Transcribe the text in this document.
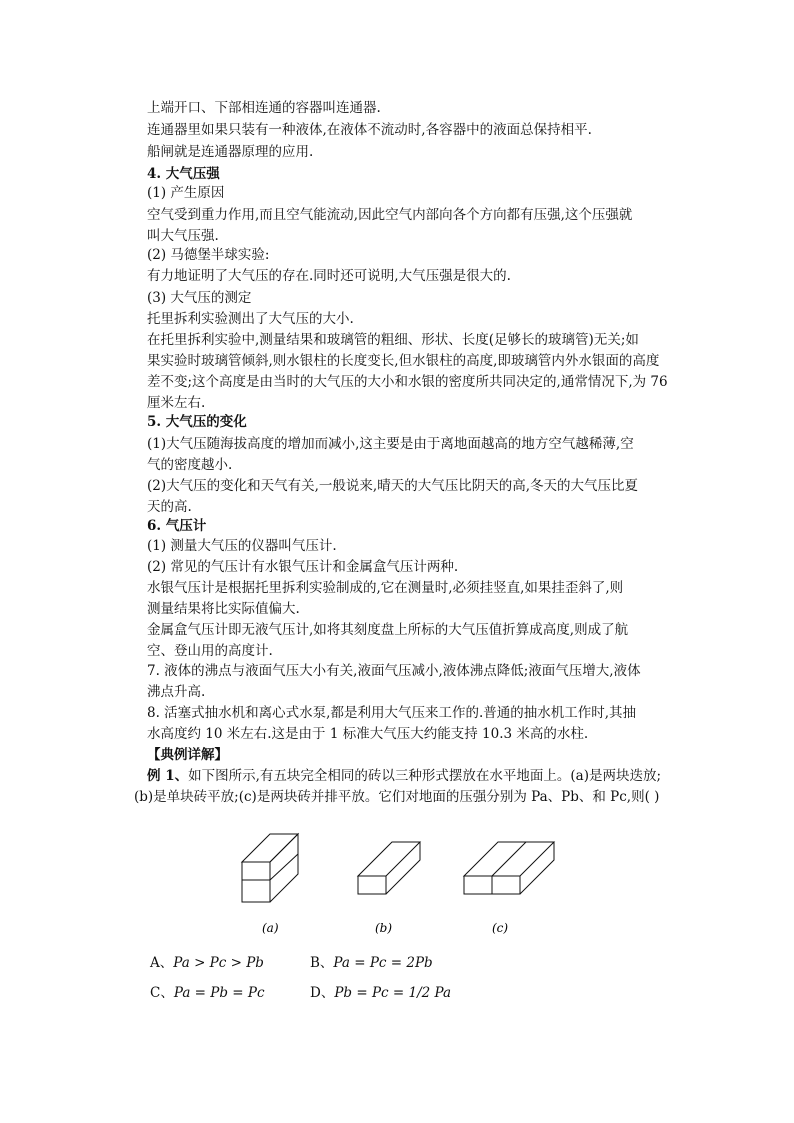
上端开口、下部相连通的容器叫连通器.
连通器里如果只装有一种液体,在液体不流动时,各容器中的液面总保持相平.
船闸就是连通器原理的应用.
4. 大气压强
(1) 产生原因
空气受到重力作用,而且空气能流动,因此空气内部向各个方向都有压强,这个压强就
叫大气压强.
(2) 马德堡半球实验:
有力地证明了大气压的存在.同时还可说明,大气压强是很大的.
(3) 大气压的测定
托里拆利实验测出了大气压的大小.
在托里拆利实验中,测量结果和玻璃管的粗细、形状、长度(足够长的玻璃管)无关;如
果实验时玻璃管倾斜,则水银柱的长度变长,但水银柱的高度,即玻璃管内外水银面的高度
差不变;这个高度是由当时的大气压的大小和水银的密度所共同决定的,通常情况下,为 76
厘米左右.
5. 大气压的变化
(1)大气压随海拔高度的增加而减小,这主要是由于离地面越高的地方空气越稀薄,空
气的密度越小.
(2)大气压的变化和天气有关,一般说来,晴天的大气压比阴天的高,冬天的大气压比夏
天的高.
6. 气压计
(1) 测量大气压的仪器叫气压计.
(2) 常见的气压计有水银气压计和金属盒气压计两种.
水银气压计是根据托里拆利实验制成的,它在测量时,必须挂竖直,如果挂歪斜了,则
测量结果将比实际值偏大.
金属盒气压计即无液气压计,如将其刻度盘上所标的大气压值折算成高度,则成了航
空、登山用的高度计.
7. 液体的沸点与液面气压大小有关,液面气压减小,液体沸点降低;液面气压增大,液体
沸点升高.
8. 活塞式抽水机和离心式水泵,都是利用大气压来工作的.普通的抽水机工作时,其抽
水高度约 10 米左右.这是由于 1 标准大气压大约能支持 10.3 米高的水柱.
【典例详解】
例 1、如下图所示,有五块完全相同的砖以三种形式摆放在水平地面上。(a)是两块迭放;
(b)是单块砖平放;(c)是两块砖并排平放。它们对地面的压强分别为 Pa、Pb、和 Pc,则( )
(a)	(b)	(c)
A、Pa > Pc > Pb	B、Pa = Pc = 2Pb
C、Pa = Pb = Pc	D、Pb = Pc = 1/2 Pa
